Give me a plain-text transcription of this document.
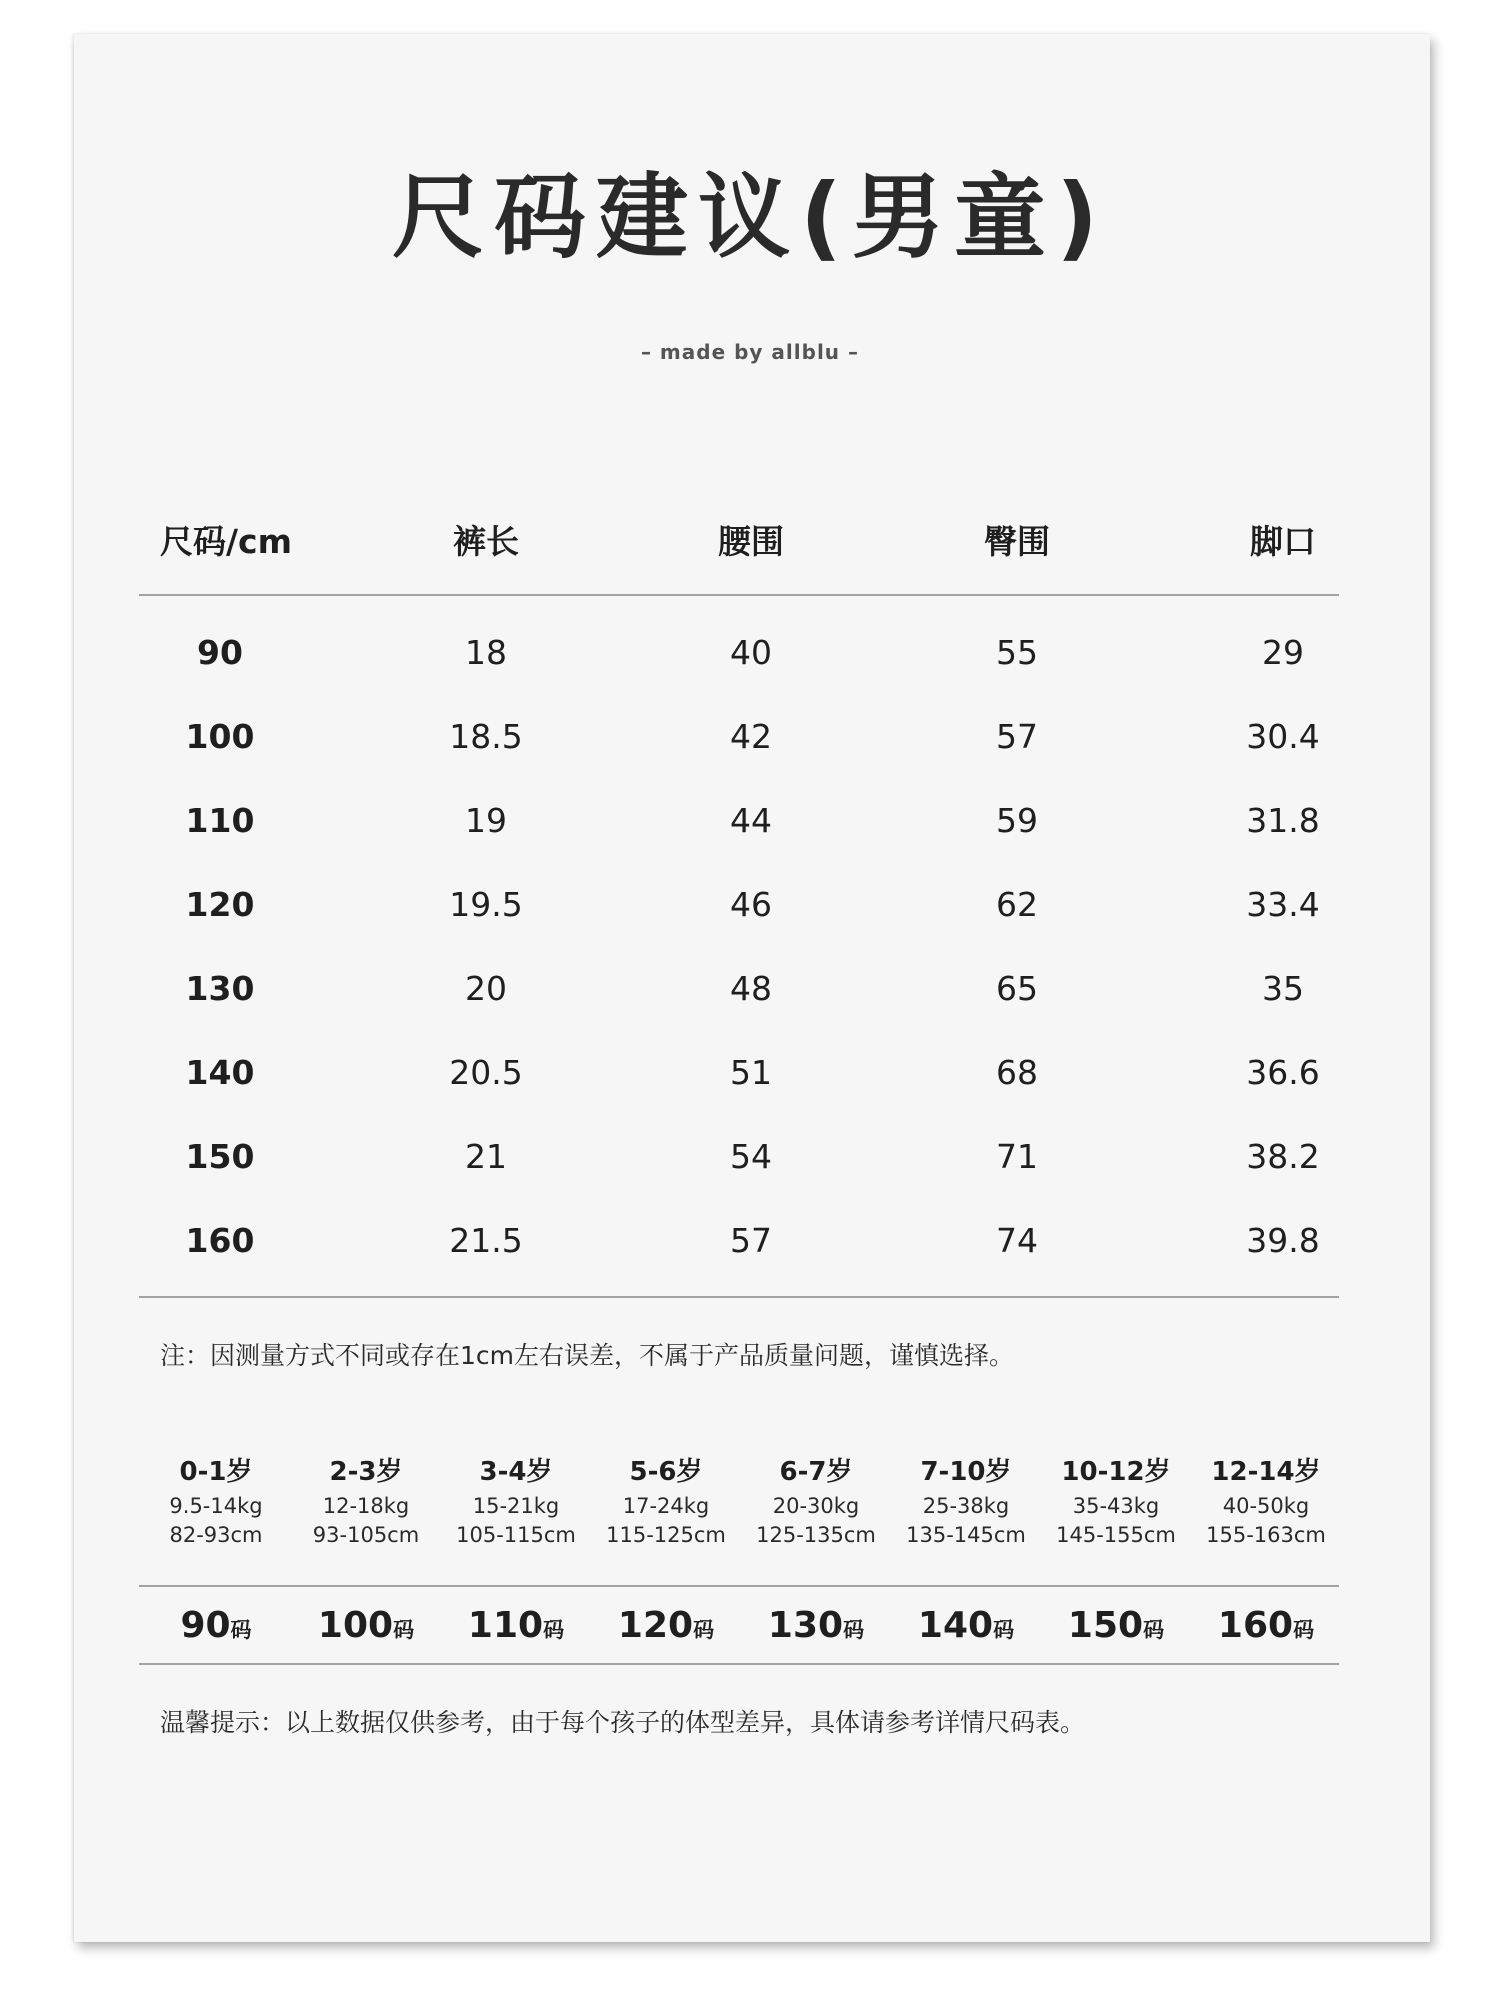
尺码建议(男童)
– made by allblu –
尺码/cm	裤长	腰围	臀围	脚口
90	18	40	55	29
100	18.5	42	57	30.4
110	19	44	59	31.8
120	19.5	46	62	33.4
130	20	48	65	35
140	20.5	51	68	36.6
150	21	54	71	38.2
160	21.5	57	74	39.8
注：因测量方式不同或存在1cm左右误差，不属于产品质量问题，谨慎选择。
0-1岁
9.5-14kg
82-93cm
2-3岁
12-18kg
93-105cm
3-4岁
15-21kg
105-115cm
5-6岁
17-24kg
115-125cm
6-7岁
20-30kg
125-135cm
7-10岁
25-38kg
135-145cm
10-12岁
35-43kg
145-155cm
12-14岁
40-50kg
155-163cm
90码 100码 110码 120码 130码 140码 150码 160码
温馨提示：以上数据仅供参考，由于每个孩子的体型差异，具体请参考详情尺码表。
